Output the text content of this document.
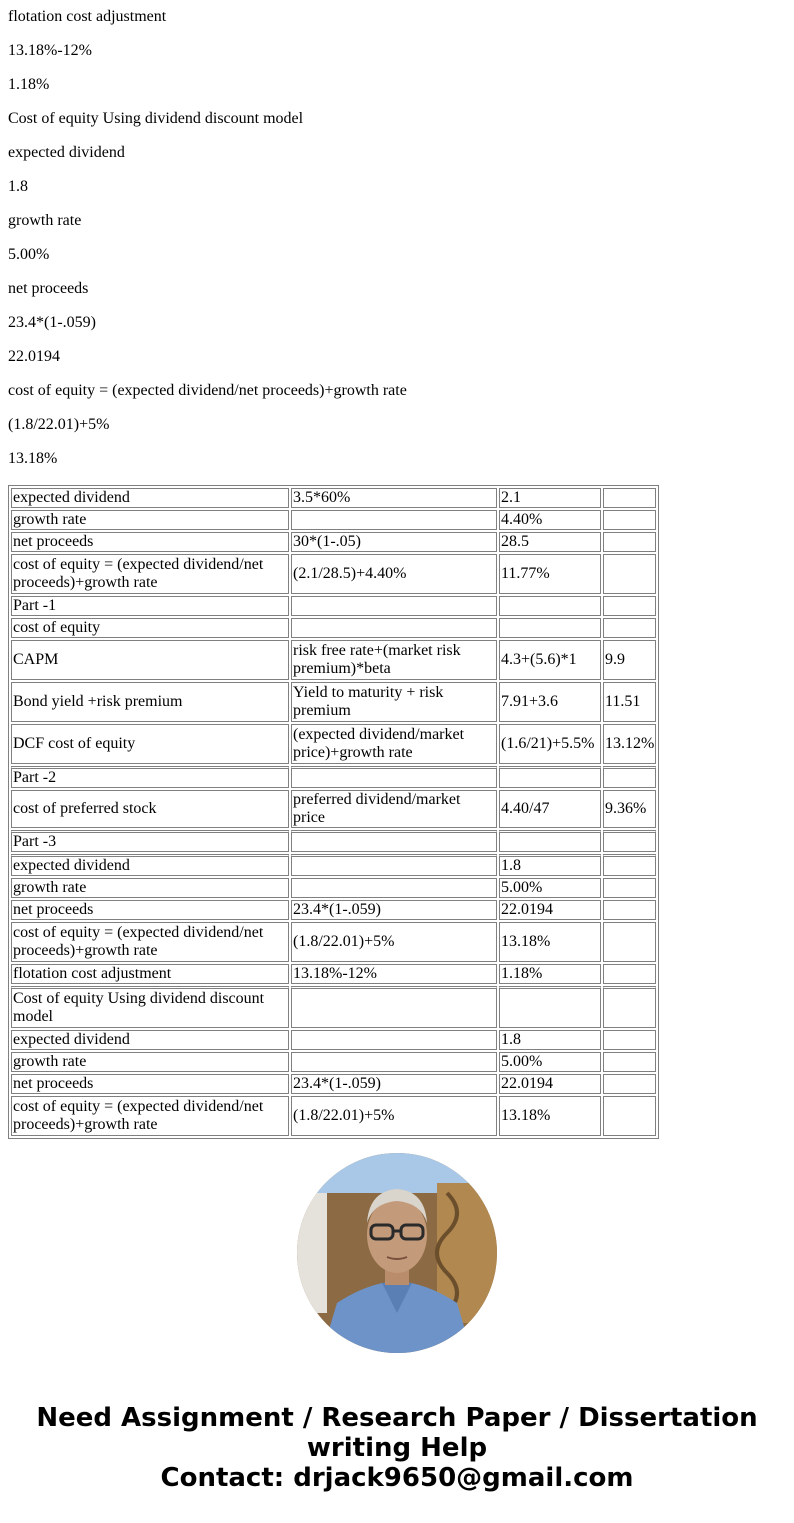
flotation cost adjustment

13.18%-12%

1.18%

Cost of equity Using dividend discount model

expected dividend

1.8

growth rate

5.00%

net proceeds

23.4*(1-.059)

22.0194

cost of equity = (expected dividend/net proceeds)+growth rate

(1.8/22.01)+5%

13.18%

expected dividend	3.5*60%	2.1	
growth rate		4.40%	
net proceeds	30*(1-.05)	28.5	
cost of equity = (expected dividend/net proceeds)+growth rate	(2.1/28.5)+4.40%	11.77%	
Part -1			
cost of equity			
CAPM	risk free rate+(market risk premium)*beta	4.3+(5.6)*1	9.9
Bond yield +risk premium	Yield to maturity + risk premium	7.91+3.6	11.51
DCF cost of equity	(expected dividend/market price)+growth rate	(1.6/21)+5.5%	13.12%
Part -2			
cost of preferred stock	preferred dividend/market price	4.40/47	9.36%
Part -3			
expected dividend		1.8	
growth rate		5.00%	
net proceeds	23.4*(1-.059)	22.0194	
cost of equity = (expected dividend/net proceeds)+growth rate	(1.8/22.01)+5%	13.18%	
flotation cost adjustment	13.18%-12%	1.18%	
Cost of equity Using dividend discount model			
expected dividend		1.8	
growth rate		5.00%	
net proceeds	23.4*(1-.059)	22.0194	
cost of equity = (expected dividend/net proceeds)+growth rate	(1.8/22.01)+5%	13.18%	
Need Assignment / Research Paper / Dissertation
writing Help
Contact: drjack9650@gmail.com
